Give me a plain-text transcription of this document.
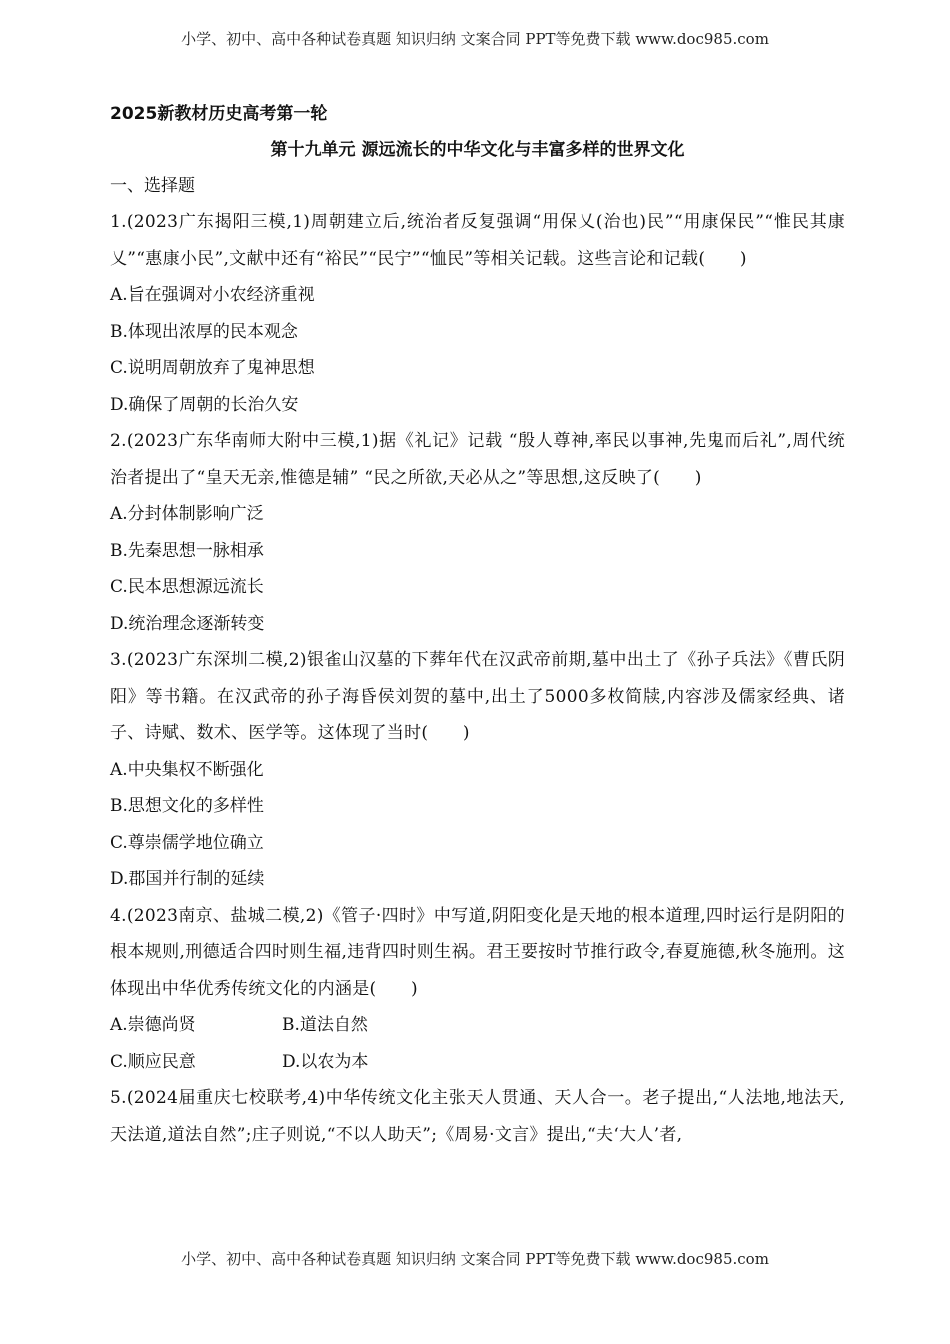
小学、初中、高中各种试卷真题 知识归纳 文案合同 PPT等免费下载 www.doc985.com
2025新教材历史高考第一轮
第十九单元 源远流长的中华文化与丰富多样的世界文化
一、选择题
1.(2023广东揭阳三模,1)周朝建立后,统治者反复强调“用保乂(治也)民”“用康保民”“惟民其康乂”“惠康小民”,文献中还有“裕民”“民宁”“恤民”等相关记载。这些言论和记载(　　)
A.旨在强调对小农经济重视
B.体现出浓厚的民本观念
C.说明周朝放弃了鬼神思想
D.确保了周朝的长治久安
2.(2023广东华南师大附中三模,1)据《礼记》记载 “殷人尊神,率民以事神,先鬼而后礼”,周代统治者提出了“皇天无亲,惟德是辅” “民之所欲,天必从之”等思想,这反映了(　　)
A.分封体制影响广泛
B.先秦思想一脉相承
C.民本思想源远流长
D.统治理念逐渐转变
3.(2023广东深圳二模,2)银雀山汉墓的下葬年代在汉武帝前期,墓中出土了《孙子兵法》《曹氏阴阳》等书籍。在汉武帝的孙子海昏侯刘贺的墓中,出土了5000多枚简牍,内容涉及儒家经典、诸子、诗赋、数术、医学等。这体现了当时(　　)
A.中央集权不断强化
B.思想文化的多样性
C.尊崇儒学地位确立
D.郡国并行制的延续
4.(2023南京、盐城二模,2)《管子·四时》中写道,阴阳变化是天地的根本道理,四时运行是阴阳的根本规则,刑德适合四时则生福,违背四时则生祸。君王要按时节推行政令,春夏施德,秋冬施刑。这体现出中华优秀传统文化的内涵是(　　)
A.崇德尚贤	B.道法自然
C.顺应民意	D.以农为本
5.(2024届重庆七校联考,4)中华传统文化主张天人贯通、天人合一。老子提出,“人法地,地法天,天法道,道法自然”;庄子则说,“不以人助天”;《周易·文言》提出,“夫‘大人’者,
小学、初中、高中各种试卷真题 知识归纳 文案合同 PPT等免费下载 www.doc985.com
